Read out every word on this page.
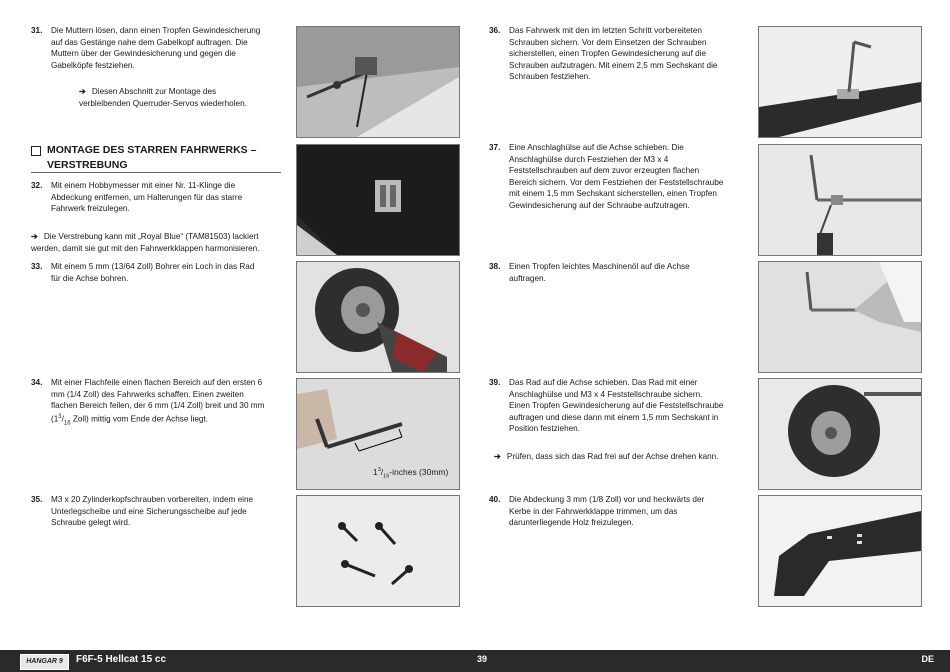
31. Die Muttern lösen, dann einen Tropfen Gewindesicherung auf das Gestänge nahe dem Gabelkopf auftragen. Die Muttern über der Gewindesicherung und gegen die Gabelköpfe festziehen.
➔ Diesen Abschnitt zur Montage des verbleibenden Querruder-Servos wiederholen.
MONTAGE DES STARREN FAHRWERKS – VERSTREBUNG
32. Mit einem Hobbymesser mit einer Nr. 11-Klinge die Abdeckung entfernen, um Halterungen für das starre Fahrwerk freizulegen.
➔ Die Verstrebung kann mit „Royal Blue“ (TAM81503) lackiert werden, damit sie gut mit den Fahrwerkklappen harmonisieren.
33. Mit einem 5 mm (13/64 Zoll) Bohrer ein Loch in das Rad für die Achse bohren.
34. Mit einer Flachfeile einen flachen Bereich auf den ersten 6 mm (1/4 Zoll) des Fahrwerks schaffen. Einen zweiten flachen Bereich feilen, der 6 mm (1/4 Zoll) breit und 30 mm ($1^3/_{16}$ Zoll) mittig vom Ende der Achse liegt.
35. M3 x 20 Zylinderkopfschrauben vorbereiten, indem eine Unterlegscheibe und eine Sicherungsscheibe auf jede Schraube gelegt wird.
$1^3/_{16}$-inches (30mm)
36. Das Fahrwerk mit den im letzten Schritt vorbereiteten Schrauben sichern. Vor dem Einsetzen der Schrauben sicherstellen, einen Tropfen Gewindesicherung auf die Schrauben aufzutragen. Mit einem 2,5 mm Sechskant die Schrauben festziehen.
37. Eine Anschlaghülse auf die Achse schieben. Die Anschlaghülse durch Festziehen der M3 x 4 Feststellschrauben auf dem zuvor erzeugten flachen Bereich sichern. Vor dem Festziehen der Feststellschraube mit einem 1,5 mm Sechskant sicherstellen, einen Tropfen Gewindesicherung auf der Schraube aufzutragen.
38. Einen Tropfen leichtes Maschinenöl auf die Achse auftragen.
39. Das Rad auf die Achse schieben. Das Rad mit einer Anschlaghülse und M3 x 4 Feststellschraube sichern. Einen Tropfen Gewindesicherung auf die Feststellschraube auftragen und diese dann mit einem 1,5 mm Sechskant in Position festziehen.
➔ Prüfen, dass sich das Rad frei auf der Achse drehen kann.
40. Die Abdeckung 3 mm (1/8 Zoll) vor und heckwärts der Kerbe in der Fahrwerkklappe trimmen, um das darunterliegende Holz freizulegen.
HANGAR 9	F6F-5 Hellcat 15 cc	39	DE
